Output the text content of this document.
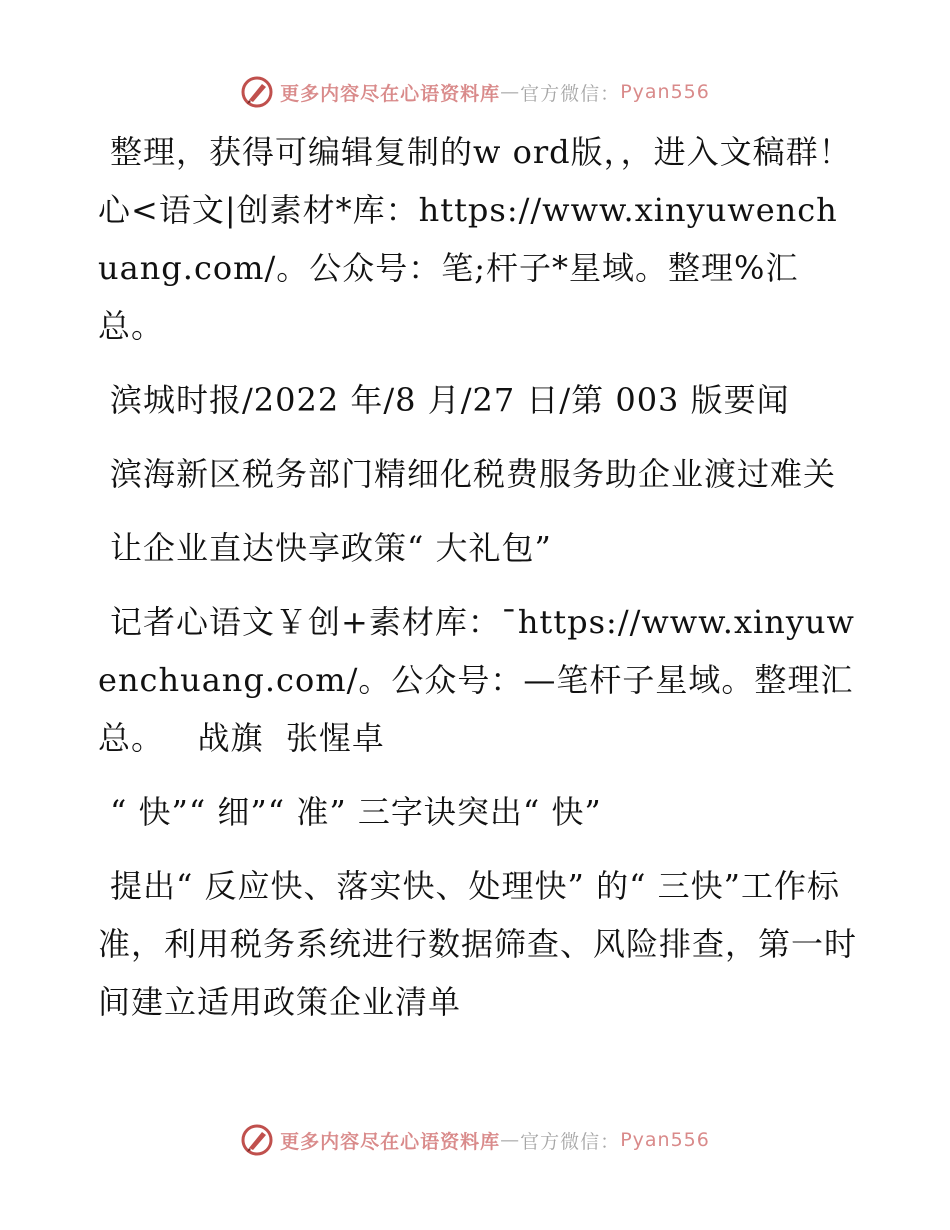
更多内容尽在心语资料库 — 官方微信： Pyan556

整理，获得可编辑复制的w ord版，，进入文稿群！心<语文|创素材*库：https://www.xinyuwenchuang.com/。公众号：笔;杆子*星域。整理%汇总。

滨城时报/2022 年/8 月/27 日/第 003 版要闻

滨海新区税务部门精细化税费服务助企业渡过难关

让企业直达快享政策“ 大礼包”

记者心语文￥创+素材库：¯https://www.xinyuwenchuang.com/。公众号：—笔杆子星域。整理汇总。   战旗  张惺卓

“ 快”“ 细”“ 准” 三字诀突出“ 快”

提出“ 反应快、落实快、处理快” 的“ 三快”工作标准，利用税务系统进行数据筛查、风险排查，第一时间建立适用政策企业清单

更多内容尽在心语资料库 — 官方微信： Pyan556
